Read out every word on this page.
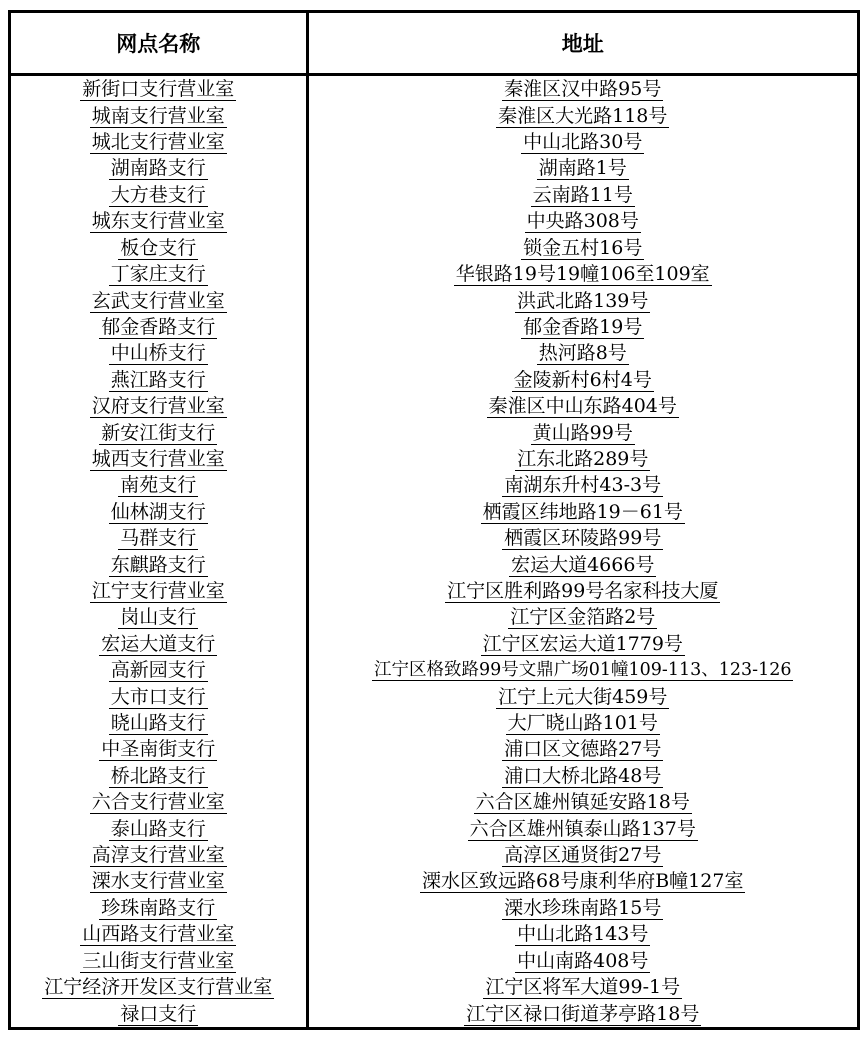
网点名称	地址
新街口支行营业室	秦淮区汉中路95号
城南支行营业室	秦淮区大光路118号
城北支行营业室	中山北路30号
湖南路支行	湖南路1号
大方巷支行	云南路11号
城东支行营业室	中央路308号
板仓支行	锁金五村16号
丁家庄支行	华银路19号19幢106至109室
玄武支行营业室	洪武北路139号
郁金香路支行	郁金香路19号
中山桥支行	热河路8号
燕江路支行	金陵新村6村4号
汉府支行营业室	秦淮区中山东路404号
新安江街支行	黄山路99号
城西支行营业室	江东北路289号
南苑支行	南湖东升村43-3号
仙林湖支行	栖霞区纬地路19－61号
马群支行	栖霞区环陵路99号
东麒路支行	宏运大道4666号
江宁支行营业室	江宁区胜利路99号名家科技大厦
岗山支行	江宁区金箔路2号
宏运大道支行	江宁区宏运大道1779号
高新园支行	江宁区格致路99号文鼎广场01幢109-113、123-126
大市口支行	江宁上元大街459号
晓山路支行	大厂晓山路101号
中圣南街支行	浦口区文德路27号
桥北路支行	浦口大桥北路48号
六合支行营业室	六合区雄州镇延安路18号
泰山路支行	六合区雄州镇泰山路137号
高淳支行营业室	高淳区通贤街27号
溧水支行营业室	溧水区致远路68号康利华府B幢127室
珍珠南路支行	溧水珍珠南路15号
山西路支行营业室	中山北路143号
三山街支行营业室	中山南路408号
江宁经济开发区支行营业室	江宁区将军大道99-1号
禄口支行	江宁区禄口街道茅亭路18号
